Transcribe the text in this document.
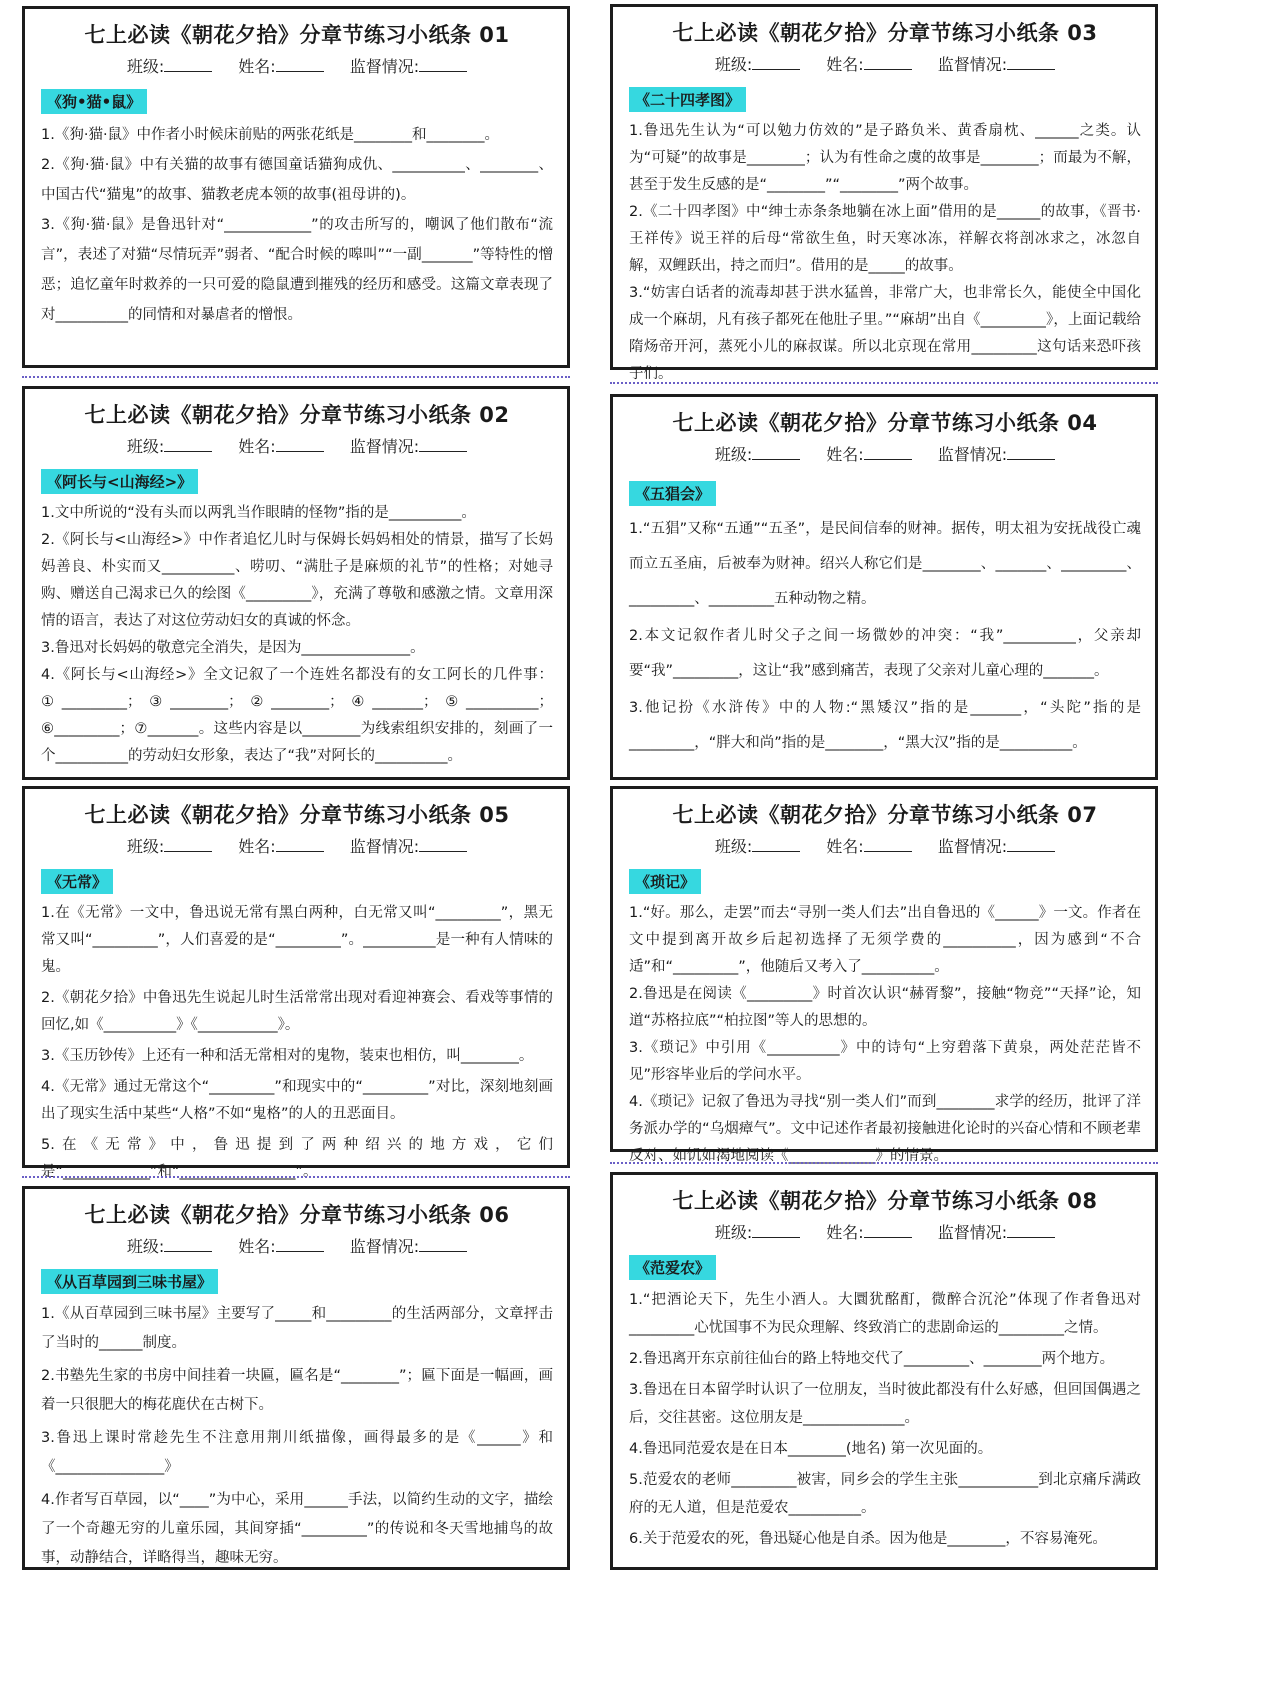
七上必读《朝花夕拾》分章节练习小纸条 01
班级:	姓名:	监督情况:
《狗•猫•鼠》

1.《狗·猫·鼠》中作者小时候床前贴的两张花纸是________和________。

2.《狗·猫·鼠》中有关猫的故事有德国童话猫狗成仇、__________、________、中国古代“猫鬼”的故事、猫教老虎本领的故事(祖母讲的)。

3.《狗·猫·鼠》是鲁迅针对“____________”的攻击所写的，嘲讽了他们散布“流言”，表述了对猫“尽情玩弄”弱者、“配合时候的嗥叫”“一副_______”等特性的憎恶；追忆童年时救养的一只可爱的隐鼠遭到摧残的经历和感受。这篇文章表现了对__________的同情和对暴虐者的憎恨。

七上必读《朝花夕拾》分章节练习小纸条 02
班级:	姓名:	监督情况:
《阿长与<山海经>》

1.文中所说的“没有头而以两乳当作眼睛的怪物”指的是__________。

2.《阿长与<山海经>》中作者追忆儿时与保姆长妈妈相处的情景，描写了长妈妈善良、朴实而又__________、唠叨、“满肚子是麻烦的礼节”的性格；对她寻购、赠送自己渴求已久的绘图《_________》，充满了尊敬和感激之情。文章用深情的语言，表达了对这位劳动妇女的真诚的怀念。

3.鲁迅对长妈妈的敬意完全消失，是因为_______________。

4.《阿长与<山海经>》全文记叙了一个连姓名都没有的女工阿长的几件事：①_________；③________；②________；④_______；⑤__________；⑥_________；⑦_______。这些内容是以________为线索组织安排的，刻画了一个__________的劳动妇女形象，表达了“我”对阿长的__________。

七上必读《朝花夕拾》分章节练习小纸条 05
班级:	姓名:	监督情况:
《无常》

1.在《无常》一文中，鲁迅说无常有黑白两种，白无常又叫“_________”，黑无常又叫“_________”，人们喜爱的是“_________”。__________是一种有人情味的鬼。

2.《朝花夕拾》中鲁迅先生说起儿时生活常常出现对看迎神赛会、看戏等事情的回忆,如《__________》《___________》。

3.《玉历钞传》上还有一种和活无常相对的鬼物，装束也相仿，叫________。

4.《无常》通过无常这个“_________”和现实中的“_________”对比，深刻地刻画出了现实生活中某些“人格”不如“鬼格”的人的丑恶面目。

5.在《无常》中，鲁迅提到了两种绍兴的地方戏，它们是“____________”和“________________”。

七上必读《朝花夕拾》分章节练习小纸条 06
班级:	姓名:	监督情况:
《从百草园到三味书屋》

1.《从百草园到三味书屋》主要写了_____和_________的生活两部分，文章抨击了当时的______制度。

2.书塾先生家的书房中间挂着一块匾，匾名是“________”；匾下面是一幅画，画着一只很肥大的梅花鹿伏在古树下。

3.鲁迅上课时常趁先生不注意用荆川纸描像，画得最多的是《______》和《_______________》

4.作者写百草园，以“____”为中心，采用______手法，以简约生动的文字，描绘了一个奇趣无穷的儿童乐园，其间穿插“_________”的传说和冬天雪地捕鸟的故事，动静结合，详略得当，趣味无穷。

七上必读《朝花夕拾》分章节练习小纸条 03
班级:	姓名:	监督情况:
《二十四孝图》

1.鲁迅先生认为“可以勉力仿效的”是子路负米、黄香扇枕、______之类。认为“可疑”的故事是________；认为有性命之虞的故事是________；而最为不解，甚至于发生反感的是“________”“________”两个故事。

2.《二十四孝图》中“绅士赤条条地躺在冰上面”借用的是______的故事，《晋书·王祥传》说王祥的后母“常欲生鱼，时天寒冰冻，祥解衣将剖冰求之，冰忽自解，双鲤跃出，持之而归”。借用的是_____的故事。

3.“妨害白话者的流毒却甚于洪水猛兽，非常广大，也非常长久，能使全中国化成一个麻胡，凡有孩子都死在他肚子里。”“麻胡”出自《_________》，上面记载给隋炀帝开河，蒸死小儿的麻叔谋。所以北京现在常用_________这句话来恐吓孩子们。

七上必读《朝花夕拾》分章节练习小纸条 04
班级:	姓名:	监督情况:
《五猖会》

1.“五猖”又称“五通”“五圣”，是民间信奉的财神。据传，明太祖为安抚战役亡魂而立五圣庙，后被奉为财神。绍兴人称它们是________、_______、_________、_________、_________五种动物之精。

2.本文记叙作者儿时父子之间一场微妙的冲突：“我”__________，父亲却要“我”_________，这让“我”感到痛苦，表现了父亲对儿童心理的_______。

3.他记扮《水浒传》中的人物:“黑矮汉”指的是_______，“头陀”指的是_________，“胖大和尚”指的是________，“黑大汉”指的是__________。

七上必读《朝花夕拾》分章节练习小纸条 07
班级:	姓名:	监督情况:
《琐记》

1.“好。那么，走罢”而去“寻别一类人们去”出自鲁迅的《______》一文。作者在文中提到离开故乡后起初选择了无须学费的__________，因为感到“不合适”和“_________”，他随后又考入了__________。

2.鲁迅是在阅读《_________》时首次认识“赫胥黎”，接触“物竞”“天择”论，知道“苏格拉底”“柏拉图”等人的思想的。

3.《琐记》中引用《__________》中的诗句“上穷碧落下黄泉，两处茫茫皆不见”形容毕业后的学问水平。

4.《琐记》记叙了鲁迅为寻找“别一类人们”而到________求学的经历，批评了洋务派办学的“乌烟瘴气”。文中记述作者最初接触进化论时的兴奋心情和不顾老辈反对、如饥如渴地阅读《____________》的情景。

七上必读《朝花夕拾》分章节练习小纸条 08
班级:	姓名:	监督情况:
《范爱农》

1.“把酒论天下，先生小酒人。大圜犹酩酊，微醉合沉沦”体现了作者鲁迅对_________心忧国事不为民众理解、终致消亡的悲剧命运的_________之情。

2.鲁迅离开东京前往仙台的路上特地交代了_________、________两个地方。

3.鲁迅在日本留学时认识了一位朋友，当时彼此都没有什么好感，但回国偶遇之后，交往甚密。这位朋友是______________。

4.鲁迅同范爱农是在日本________(地名) 第一次见面的。

5.范爱农的老师_________被害，同乡会的学生主张___________到北京痛斥满政府的无人道，但是范爱农__________。

6.关于范爱农的死，鲁迅疑心他是自杀。因为他是________，不容易淹死。
